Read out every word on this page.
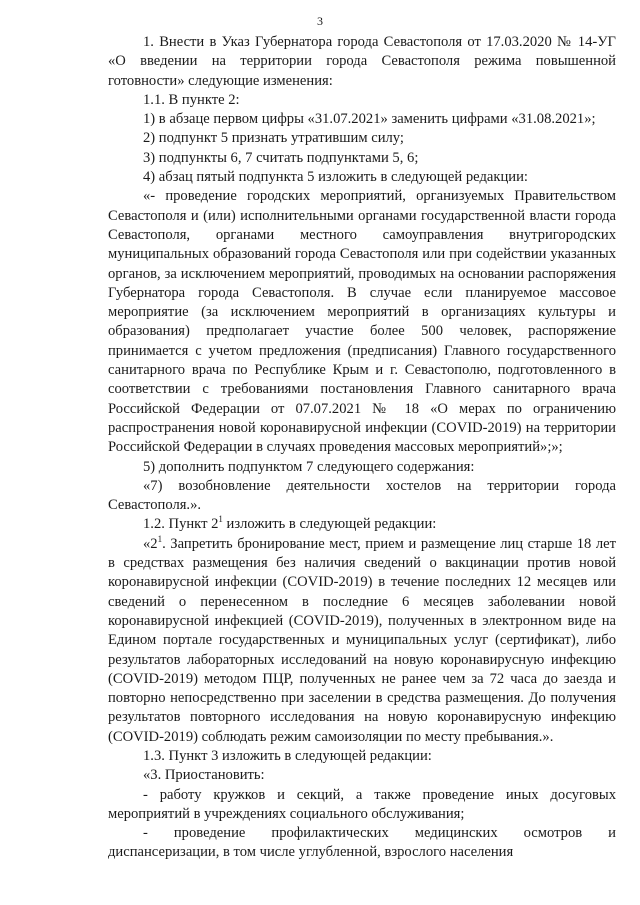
3

1. Внести в Указ Губернатора города Севастополя от 17.03.2020 № 14-УГ «О введении на территории города Севастополя режима повышенной готовности» следующие изменения:

1.1. В пункте 2:

1) в абзаце первом цифры «31.07.2021» заменить цифрами «31.08.2021»;

2) подпункт 5 признать утратившим силу;

3) подпункты 6, 7 считать подпунктами 5, 6;

4) абзац пятый подпункта 5 изложить в следующей редакции:

«- проведение городских мероприятий, организуемых Правительством Севастополя и (или) исполнительными органами государственной власти города Севастополя, органами местного самоуправления внутригородских муниципальных образований города Севастополя или при содействии указанных органов, за исключением мероприятий, проводимых на основании распоряжения Губернатора города Севастополя. В случае если планируемое массовое мероприятие (за исключением мероприятий в организациях культуры и образования) предполагает участие более 500 человек, распоряжение принимается с учетом предложения (предписания) Главного государственного санитарного врача по Республике Крым и г. Севастополю, подготовленного в соответствии с требованиями постановления Главного санитарного врача Российской Федерации от 07.07.2021 № 18 «О мерах по ограничению распространения новой коронавирусной инфекции (COVID-2019) на территории Российской Федерации в случаях проведения массовых мероприятий»;»;

5) дополнить подпунктом 7 следующего содержания:

«7) возобновление деятельности хостелов на территории города Севастополя.».

1.2. Пункт $2^1$ изложить в следующей редакции:

«$2^1$. Запретить бронирование мест, прием и размещение лиц старше 18 лет в средствах размещения без наличия сведений о вакцинации против новой коронавирусной инфекции (COVID-2019) в течение последних 12 месяцев или сведений о перенесенном в последние 6 месяцев заболевании новой коронавирусной инфекцией (COVID-2019), полученных в электронном виде на Едином портале государственных и муниципальных услуг (сертификат), либо результатов лабораторных исследований на новую коронавирусную инфекцию (COVID-2019) методом ПЦР, полученных не ранее чем за 72 часа до заезда и повторно непосредственно при заселении в средства размещения. До получения результатов повторного исследования на новую коронавирусную инфекцию (COVID-2019) соблюдать режим самоизоляции по месту пребывания.».

1.3. Пункт 3 изложить в следующей редакции:

«3. Приостановить:

- работу кружков и секций, а также проведение иных досуговых мероприятий в учреждениях социального обслуживания;

- проведение профилактических медицинских осмотров и диспансеризации, в том числе углубленной, взрослого населения
